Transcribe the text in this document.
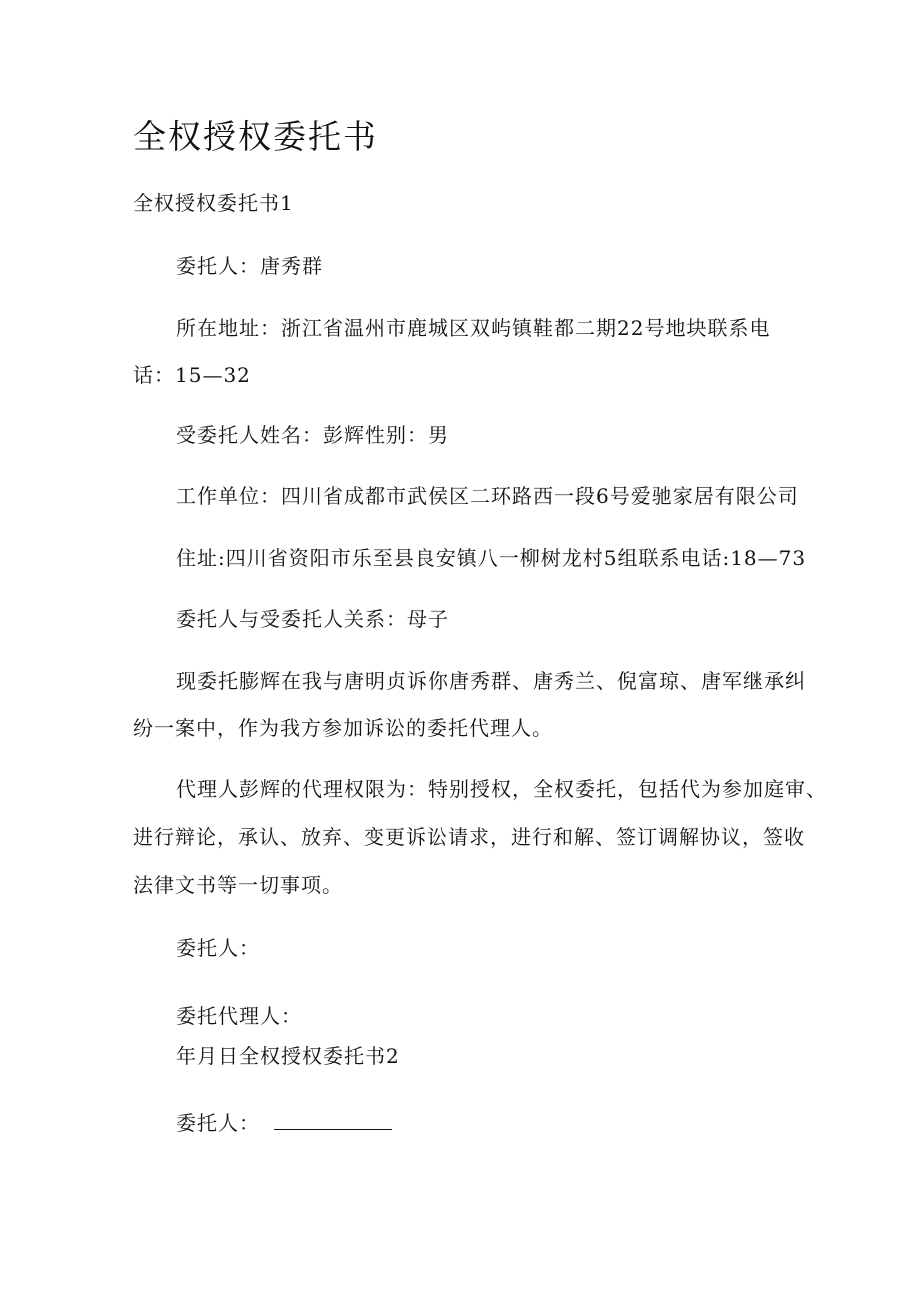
全权授权委托书
全权授权委托书1
委托人：唐秀群
所在地址：浙江省温州市鹿城区双屿镇鞋都二期22号地块联系电
话：15—32
受委托人姓名：彭辉性别：男
工作单位：四川省成都市武侯区二环路西一段6号爱驰家居有限公司
住址:四川省资阳市乐至县良安镇八一柳树龙村5组联系电话:18—73
委托人与受委托人关系：母子
现委托膨辉在我与唐明贞诉你唐秀群、唐秀兰、倪富琼、唐军继承纠
纷一案中，作为我方参加诉讼的委托代理人。
代理人彭辉的代理权限为：特别授权，全权委托，包括代为参加庭审、
进行辩论，承认、放弃、变更诉讼请求，进行和解、签订调解协议，签收
法律文书等一切事项。
委托人：
委托代理人：
年月日全权授权委托书2
委托人：
